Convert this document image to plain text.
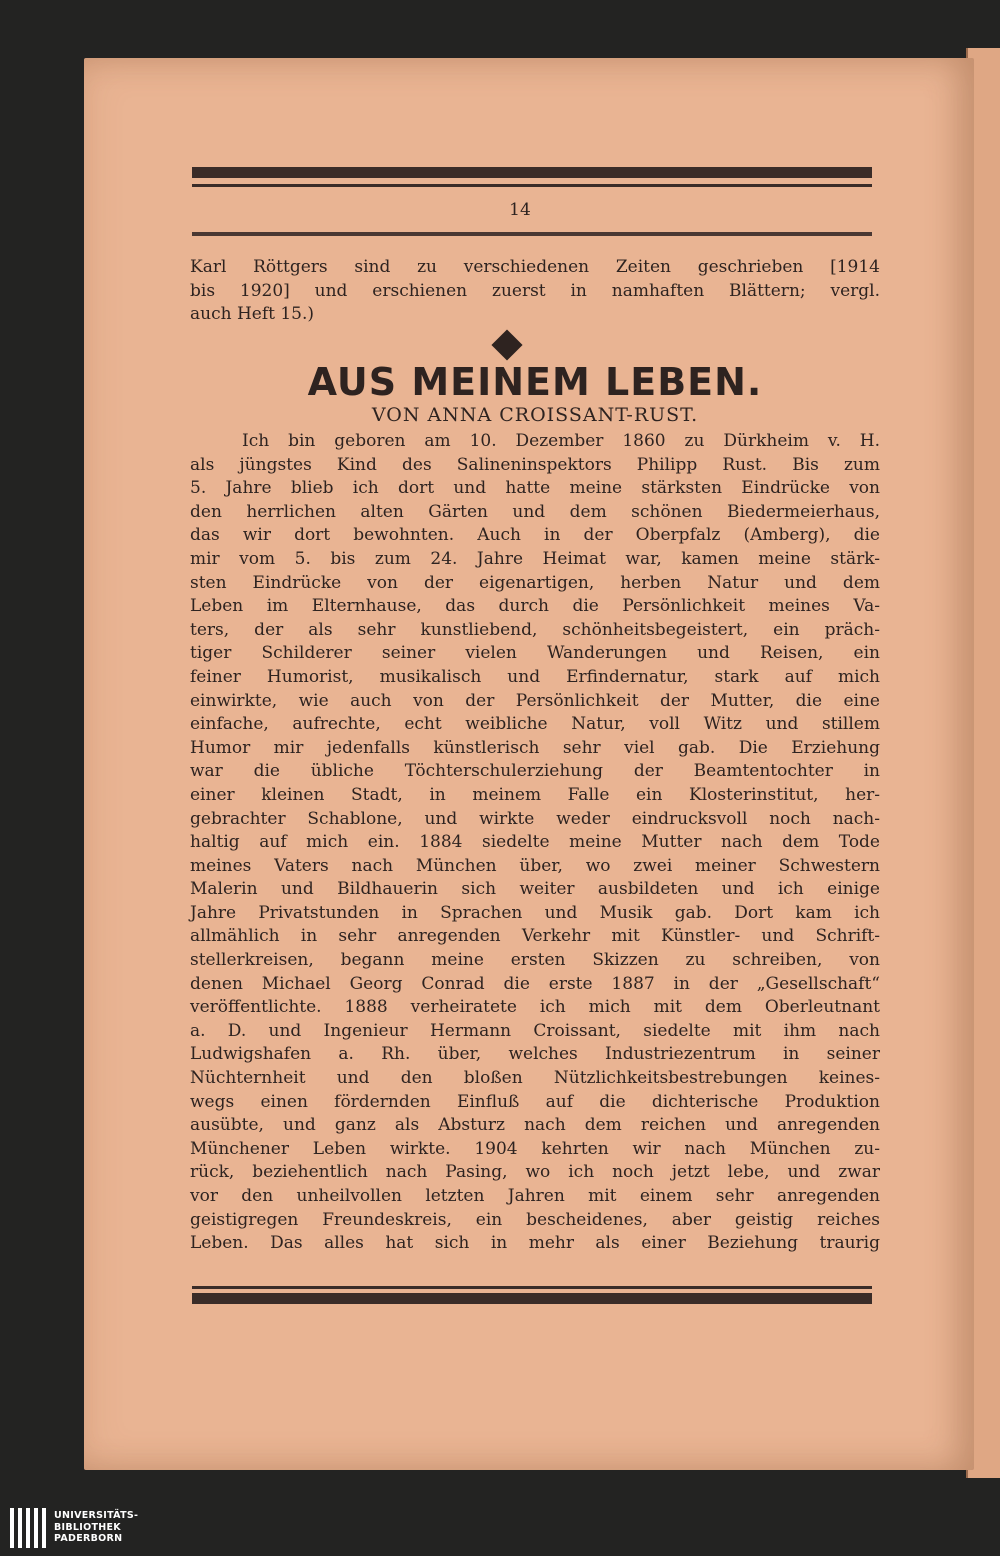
14
Karl Röttgers sind zu verschiedenen Zeiten geschrieben [1914
bis 1920] und erschienen zuerst in namhaften Blättern; vergl.
auch Heft 15.)
AUS MEINEM LEBEN.
VON ANNA CROISSANT-RUST.
Ich bin geboren am 10. Dezember 1860 zu Dürkheim v. H.
als jüngstes Kind des Salineninspektors Philipp Rust. Bis zum
5. Jahre blieb ich dort und hatte meine stärksten Eindrücke von
den herrlichen alten Gärten und dem schönen Biedermeierhaus,
das wir dort bewohnten. Auch in der Oberpfalz (Amberg), die
mir vom 5. bis zum 24. Jahre Heimat war, kamen meine stärk-
sten Eindrücke von der eigenartigen, herben Natur und dem
Leben im Elternhause, das durch die Persönlichkeit meines Va-
ters, der als sehr kunstliebend, schönheitsbegeistert, ein präch-
tiger Schilderer seiner vielen Wanderungen und Reisen, ein
feiner Humorist, musikalisch und Erfindernatur, stark auf mich
einwirkte, wie auch von der Persönlichkeit der Mutter, die eine
einfache, aufrechte, echt weibliche Natur, voll Witz und stillem
Humor mir jedenfalls künstlerisch sehr viel gab. Die Erziehung
war die übliche Töchterschulerziehung der Beamtentochter in
einer kleinen Stadt, in meinem Falle ein Klosterinstitut, her-
gebrachter Schablone, und wirkte weder eindrucksvoll noch nach-
haltig auf mich ein. 1884 siedelte meine Mutter nach dem Tode
meines Vaters nach München über, wo zwei meiner Schwestern
Malerin und Bildhauerin sich weiter ausbildeten und ich einige
Jahre Privatstunden in Sprachen und Musik gab. Dort kam ich
allmählich in sehr anregenden Verkehr mit Künstler- und Schrift-
stellerkreisen, begann meine ersten Skizzen zu schreiben, von
denen Michael Georg Conrad die erste 1887 in der „Gesellschaft“
veröffentlichte. 1888 verheiratete ich mich mit dem Oberleutnant
a. D. und Ingenieur Hermann Croissant, siedelte mit ihm nach
Ludwigshafen a. Rh. über, welches Industriezentrum in seiner
Nüchternheit und den bloßen Nützlichkeitsbestrebungen keines-
wegs einen fördernden Einfluß auf die dichterische Produktion
ausübte, und ganz als Absturz nach dem reichen und anregenden
Münchener Leben wirkte. 1904 kehrten wir nach München zu-
rück, beziehentlich nach Pasing, wo ich noch jetzt lebe, und zwar
vor den unheilvollen letzten Jahren mit einem sehr anregenden
geistigregen Freundeskreis, ein bescheidenes, aber geistig reiches
Leben. Das alles hat sich in mehr als einer Beziehung traurig
UNIVERSITÄTS-
BIBLIOTHEK
PADERBORN
